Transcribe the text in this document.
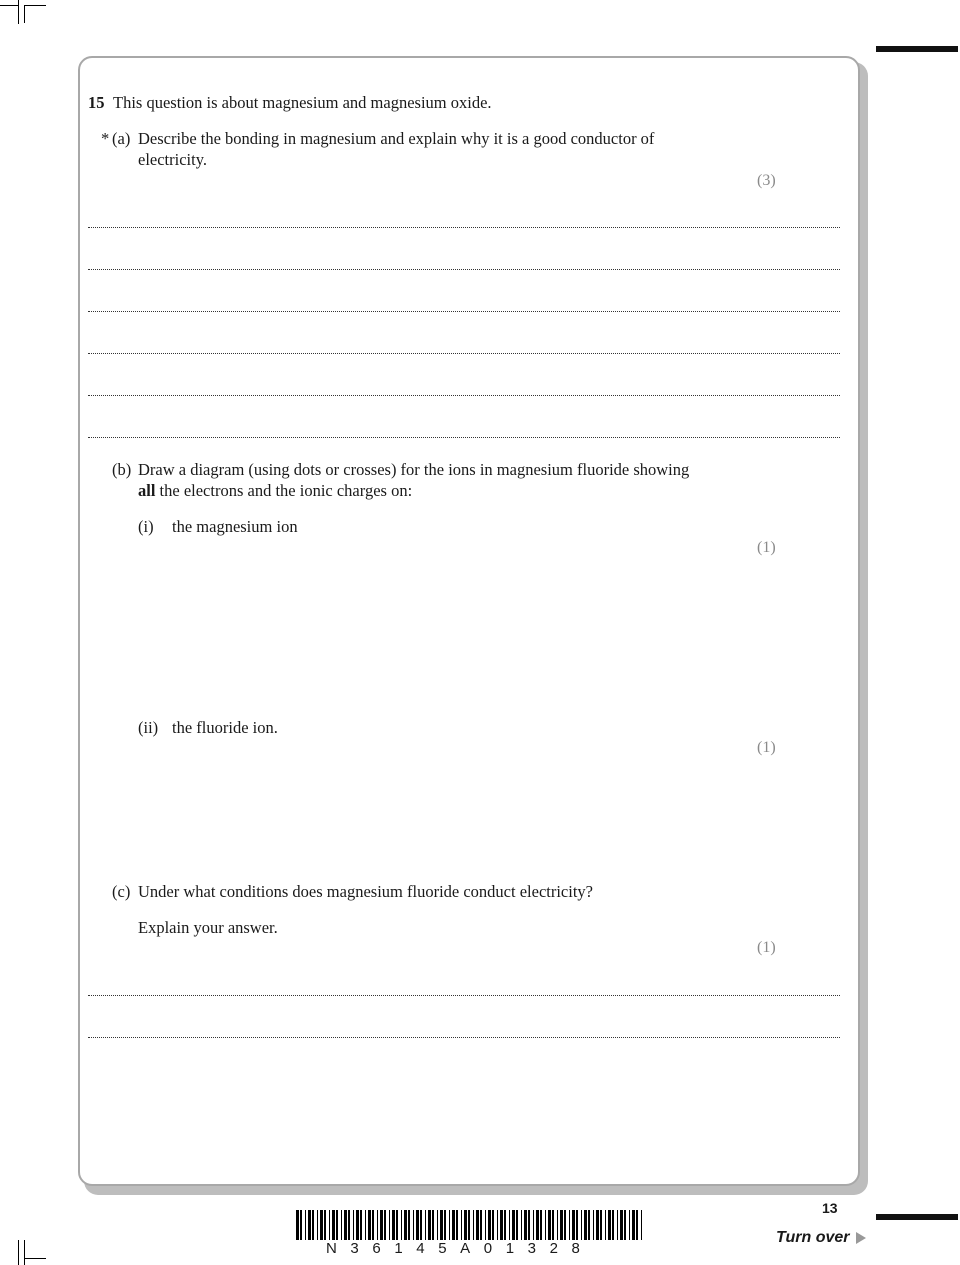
15 This question is about magnesium and magnesium oxide.
* (a) Describe the bonding in magnesium and explain why it is a good conductor of
electricity.
(3)
(b) Draw a diagram (using dots or crosses) for the ions in magnesium fluoride showing
all the electrons and the ionic charges on:
(i) the magnesium ion
(1)
(ii) the fluoride ion.
(1)
(c) Under what conditions does magnesium fluoride conduct electricity?
Explain your answer.
(1)
N36145A01328
13
Turn over
